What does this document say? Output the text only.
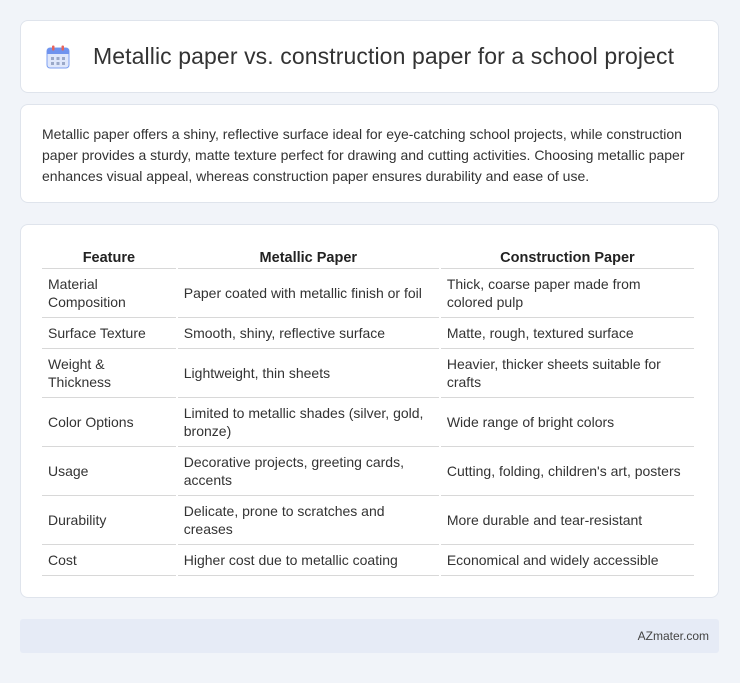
Metallic paper vs. construction paper for a school project

Metallic paper offers a shiny, reflective surface ideal for eye-catching school projects, while construction paper provides a sturdy, matte texture perfect for drawing and cutting activities. Choosing metallic paper enhances visual appeal, whereas construction paper ensures durability and ease of use.

Feature	Metallic Paper	Construction Paper
Material Composition	Paper coated with metallic finish or foil	Thick, coarse paper made from colored pulp
Surface Texture	Smooth, shiny, reflective surface	Matte, rough, textured surface
Weight & Thickness	Lightweight, thin sheets	Heavier, thicker sheets suitable for crafts
Color Options	Limited to metallic shades (silver, gold, bronze)	Wide range of bright colors
Usage	Decorative projects, greeting cards, accents	Cutting, folding, children's art, posters
Durability	Delicate, prone to scratches and creases	More durable and tear-resistant
Cost	Higher cost due to metallic coating	Economical and widely accessible
AZmater.com
